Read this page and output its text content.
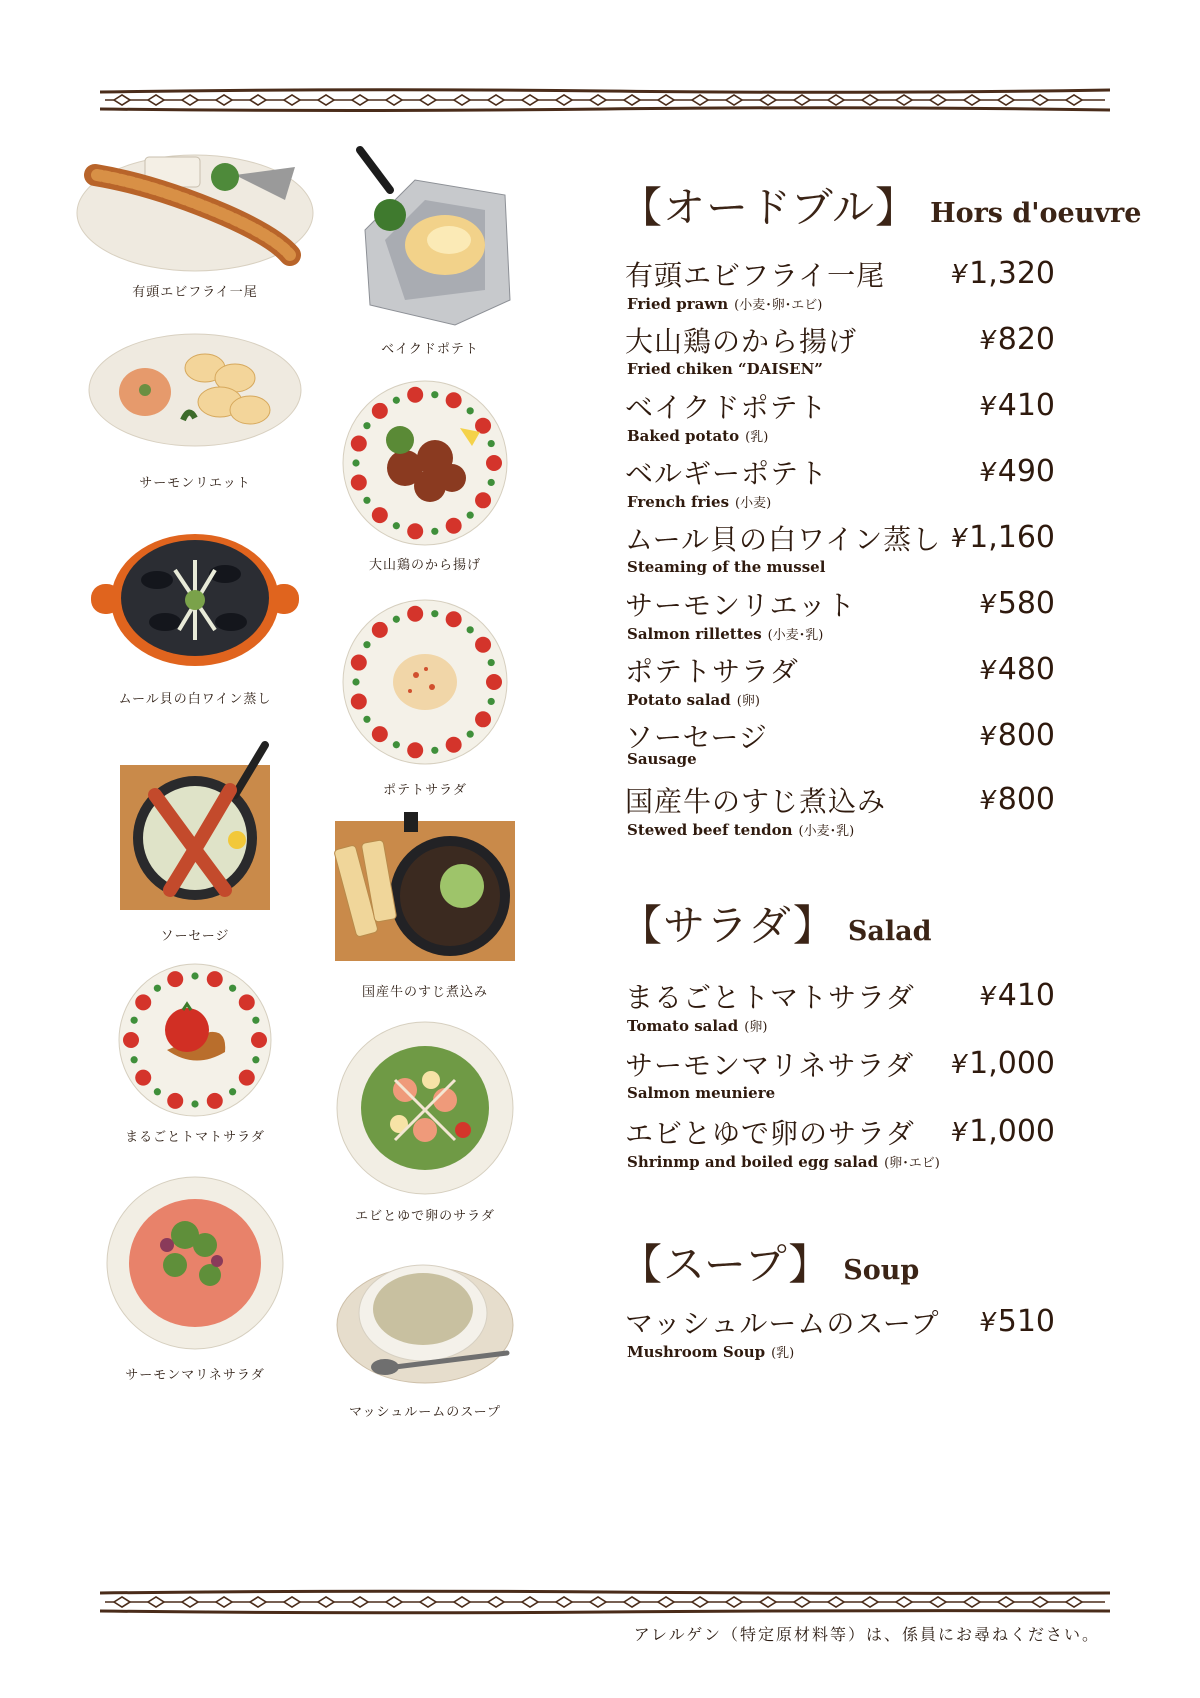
有頭エビフライ一尾
サーモンリエット
ムール貝の白ワイン蒸し
ソーセージ
まるごとトマトサラダ
サーモンマリネサラダ
ベイクドポテト
大山鶏のから揚げ
ポテトサラダ
国産牛のすじ煮込み
エビとゆで卵のサラダ
マッシュルームのスープ
【オードブル】 Hors d'oeuvre
有頭エビフライ一尾	¥1,320
Fried prawn (小麦･卵･エビ)
大山鶏のから揚げ	¥820
Fried chiken “DAISEN”
ベイクドポテト	¥410
Baked potato (乳)
ベルギーポテト	¥490
French fries (小麦)
ムール貝の白ワイン蒸し ¥1,160
Steaming of the mussel
サーモンリエット	¥580
Salmon rillettes (小麦･乳)
ポテトサラダ	¥480
Potato salad (卵)
ソーセージ	¥800
Sausage
国産牛のすじ煮込み	¥800
Stewed beef tendon (小麦･乳)
【サラダ】 Salad
まるごとトマトサラダ ¥410
Tomato salad (卵)
サーモンマリネサラダ ¥1,000
Salmon meuniere
エビとゆで卵のサラダ ¥1,000
Shrinmp and boiled egg salad (卵･エビ)
【スープ】 Soup
マッシュルームのスープ ¥510
Mushroom Soup (乳)
アレルゲン（特定原材料等）は、係員にお尋ねください。
